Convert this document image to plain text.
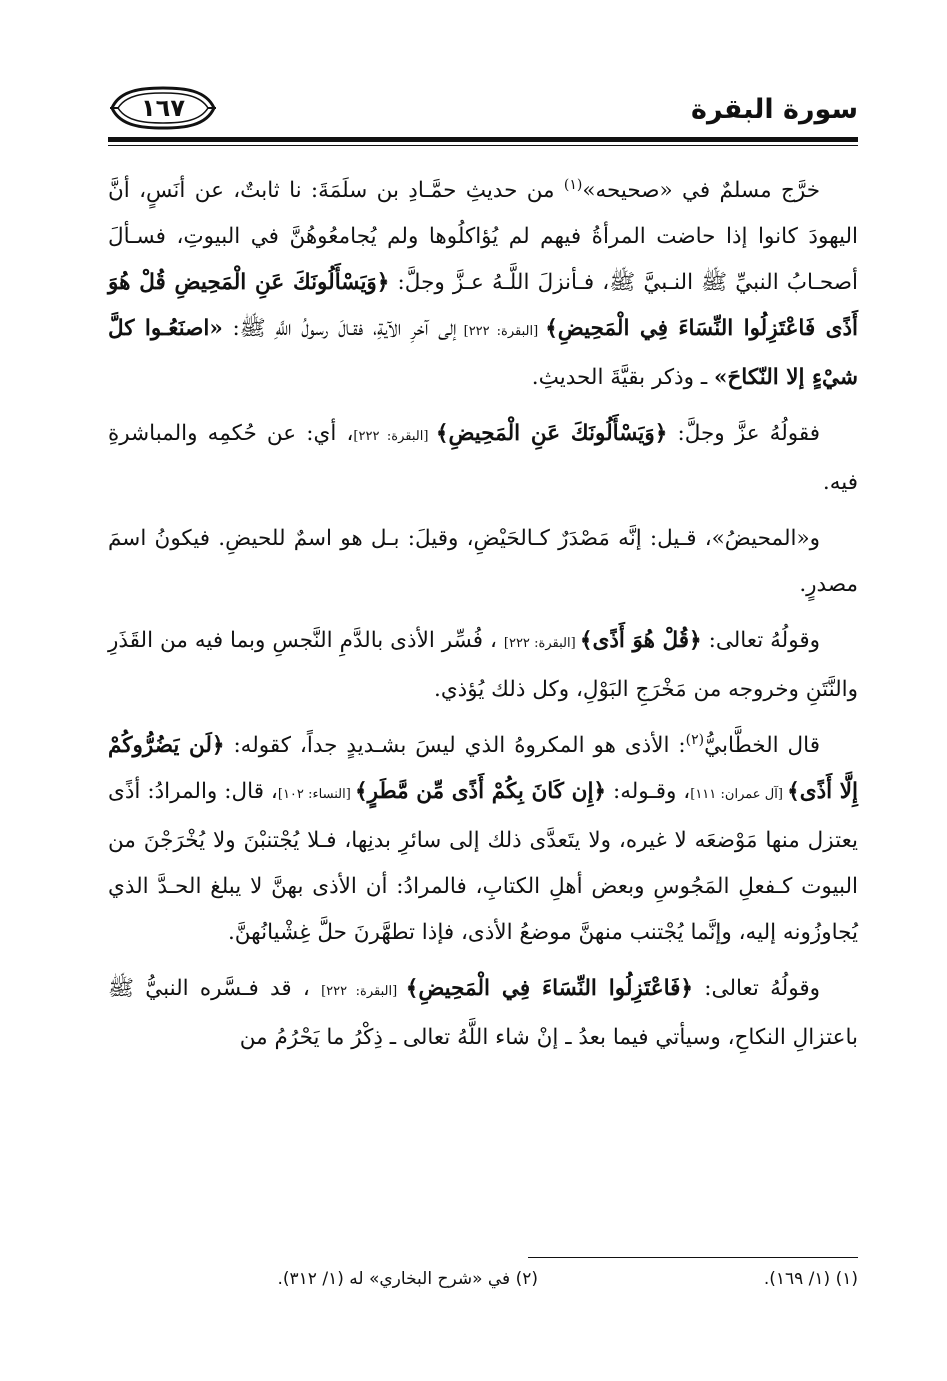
١٦٧	سورة البقرة

خرَّج مسلمٌ في «صحيحه»$^{(١)}$ من حديثِ حمَّـادِ بن سلَمَةَ: نا ثابتٌ، عن أنَسٍ، أنَّ اليهودَ كانوا إذا حاضت المرأةُ فيهم لم يُؤاكلُوها ولم يُجامعُوهُنَّ في البيوتِ، فسـألَ أصحـابُ النبيِّ ﷺ النـبيَّ ﷺ، فـأنزلَ اللَّـهُ عـزَّ وجلَّ: ﴿وَيَسْأَلُونَكَ عَنِ الْمَحِيضِ قُلْ هُوَ أَذًى فَاعْتَزِلُوا النِّسَاءَ فِي الْمَحِيضِ﴾ [البقرة: ٢٢٢] إلى آخرِ الآيةِ، فقـالَ رسولُ اللَّهِ ﷺ: «اصنَعُـوا كلَّ شيْءٍ إلا النّكاحَ» ـ وذكر بقيَّةَ الحديثِ.

فقولُهُ عزَّ وجلَّ: ﴿وَيَسْأَلُونَكَ عَنِ الْمَحِيضِ﴾ [البقرة: ٢٢٢]، أي: عن حُكمِه والمباشرةِ فيه.

و«المحيضُ»، قـيل: إنَّه مَصْدَرٌ كـالحَيْضِ، وقيلَ: بـل هو اسمٌ للحيضِ. فيكونُ اسمَ مصدرٍ.

وقولُهُ تعالى: ﴿قُلْ هُوَ أَذًى﴾ [البقرة: ٢٢٢] ، فُسِّر الأذى بالدَّمِ النَّجسِ وبما فيه من القَذَرِ والنَّتَنِ وخروجه من مَخْرَجِ البَوْلِ، وكل ذلك يُؤذي.

قال الخطَّابيُّ$^{(٢)}$: الأذى هو المكروهُ الذي ليسَ بشـديدٍ جداً، كقوله: ﴿لَن يَضُرُّوكُمْ إِلَّا أَذًى﴾ [آل عمران: ١١١]، وقـوله: ﴿إِن كَانَ بِكُمْ أَذًى مِّن مَّطَرٍ﴾ [النساء: ١٠٢]، قال: والمرادُ: أذًى يعتزل منها مَوْضعَه لا غيره، ولا يتَعدَّى ذلك إلى سائرِ بدنِها، فـلا يُجْتنبْنَ ولا يُخْرَجْنَ من البيوت كـفعلِ المَجُوسِ وبعض أهلِ الكتابِ، فالمرادُ: أن الأذى بهنَّ لا يبلغ الحـدَّ الذي يُجاوزُونه إليه، وإنَّما يُجْتنب منهنَّ موضعُ الأذى، فإذا تطهَّرنَ حلَّ غِشْيانُهنَّ.

وقولُهُ تعالى: ﴿فَاعْتَزِلُوا النِّسَاءَ فِي الْمَحِيضِ﴾ [البقرة: ٢٢٢] ، قد فـسَّره النبيُّ ﷺ باعتزالِ النكاحِ، وسيأتي فيما بعدُ ـ إنْ شاء اللَّهُ تعالى ـ ذِكْرُ ما يَحْرُمُ من

(١) (١/ ١٦٩).
(٢) في «شرح البخاري» له (١/ ٣١٢).
